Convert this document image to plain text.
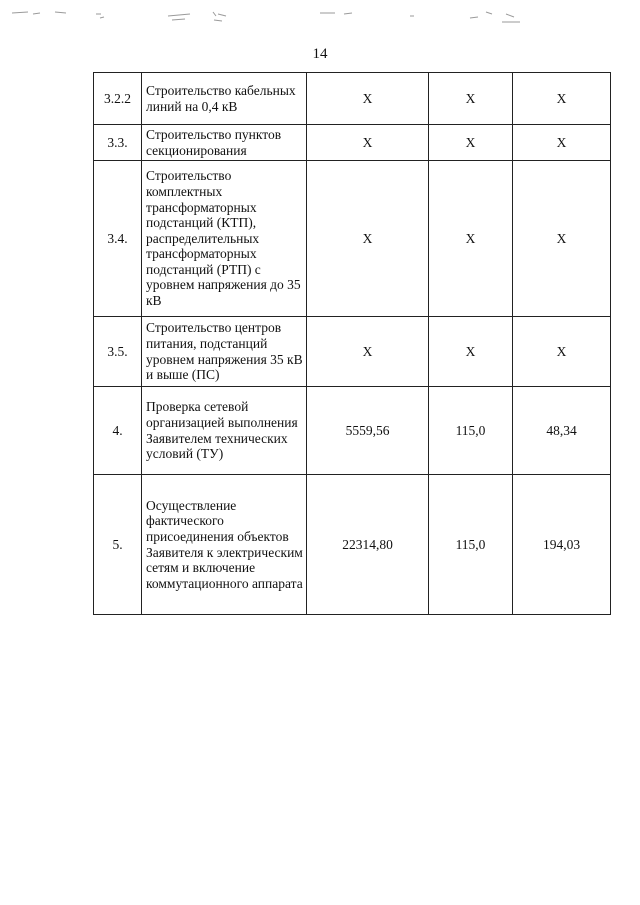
14
3.2.2	Строительство кабельных линий на 0,4 кВ	Х	Х	Х
3.3.	Строительство пунктов секционирования	Х	Х	Х
3.4.	Строительство комплектных трансформаторных подстанций (КТП), распределительных трансформаторных подстанций (РТП) с уровнем напряжения до 35 кВ	Х	Х	Х
3.5.	Строительство центров питания, подстанций уровнем напряжения 35 кВ и выше (ПС)	Х	Х	Х
4.	Проверка сетевой организацией выполнения Заявителем технических условий (ТУ)	5559,56	115,0	48,34
5.	Осуществление фактического присоединения объектов Заявителя к электрическим сетям и включение коммутационного аппарата	22314,80	115,0	194,03
